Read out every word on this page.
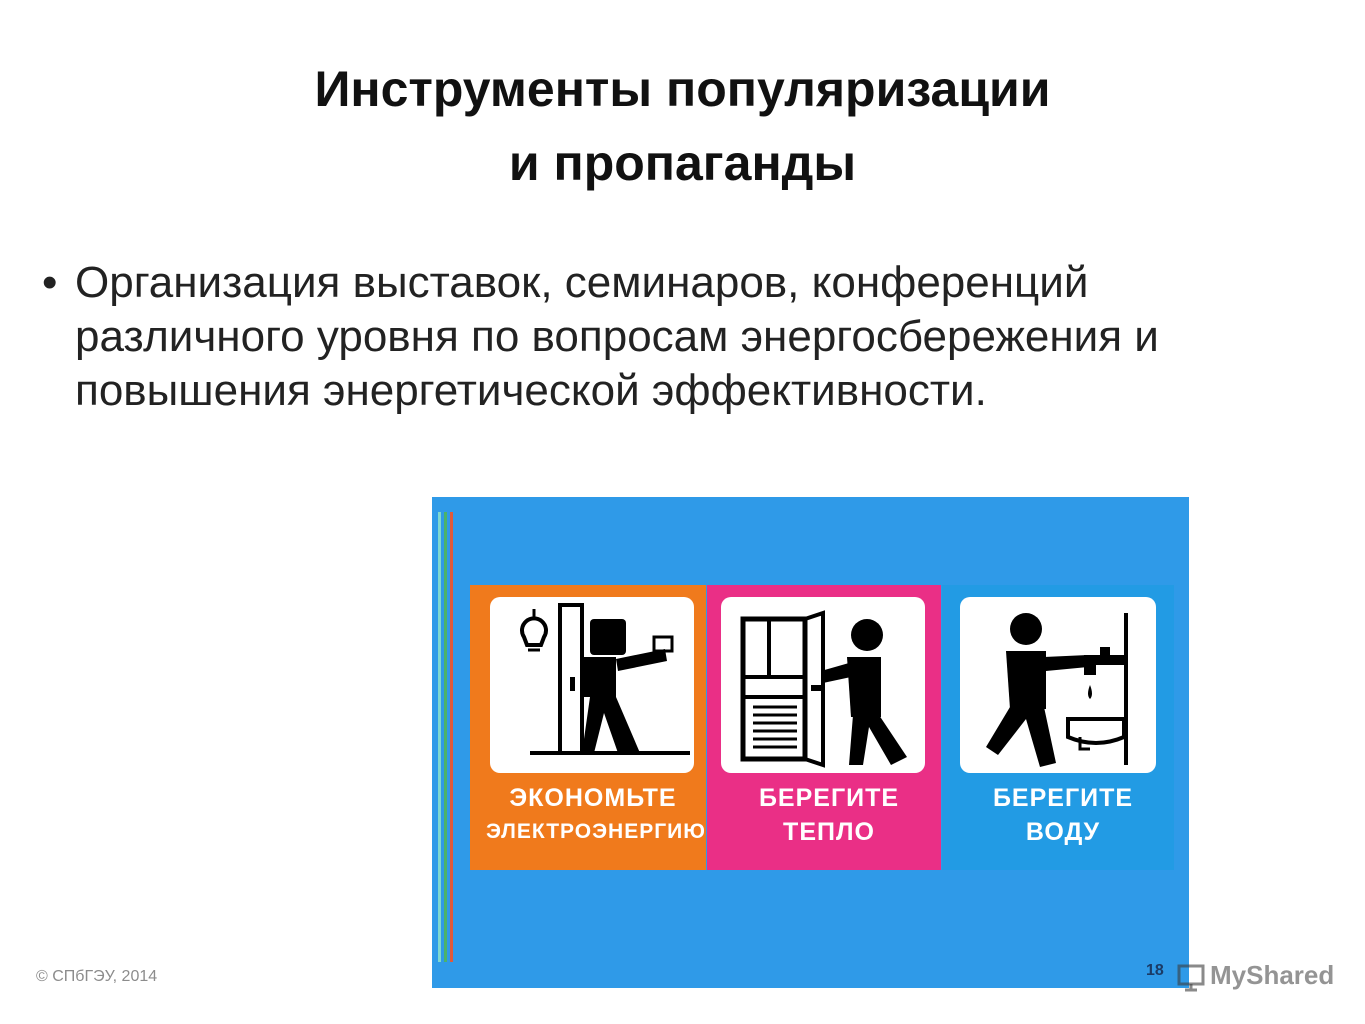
Инструменты популяризации
и пропаганды
• Организация выставок, семинаров, конференций различного уровня по вопросам энергосбережения и повышения энергетической эффективности.
ЭКОНОМЬТЕ
ЭЛЕКТРОЭНЕРГИЮ
БЕРЕГИТЕ
ТЕПЛО
БЕРЕГИТЕ
ВОДУ
18
© СПбГЭУ, 2014	MyShared
